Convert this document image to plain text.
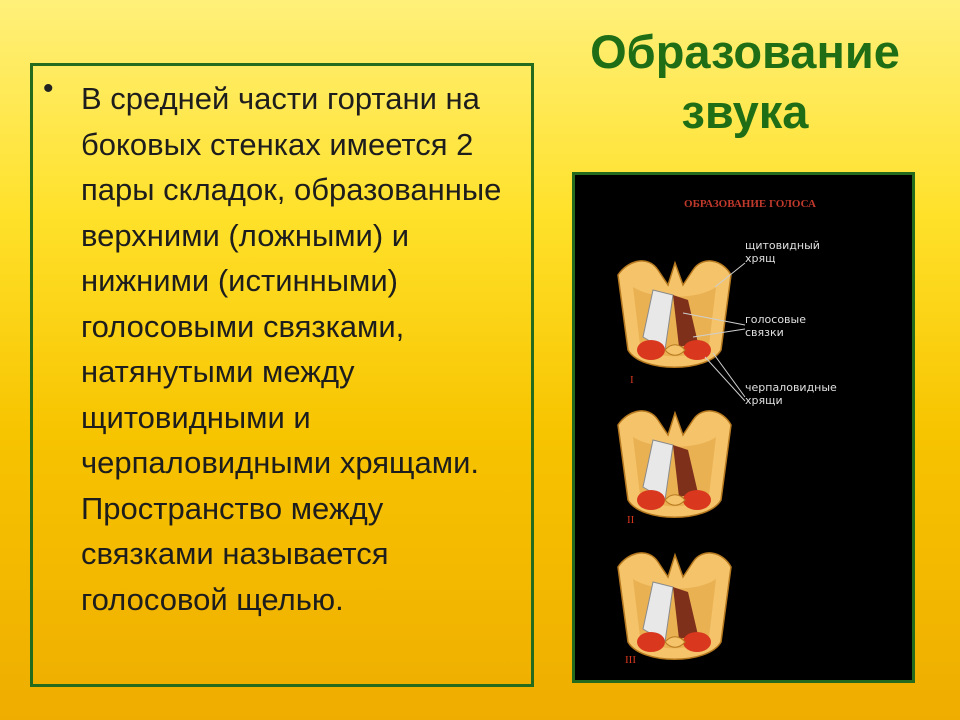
Образование
звука
• В средней части гортани на боковых стенках имеется 2 пары складок, образованные верхними (ложными) и нижними (истинными) голосовыми связками, натянутыми между щитовидными и черпаловидными хрящами. Пространство между связками называется голосовой щелью.

ОБРАЗОВАНИЕ ГОЛОСА
I
II
III
щитовидный
хрящ
голосовые
связки
черпаловидные
хрящи
